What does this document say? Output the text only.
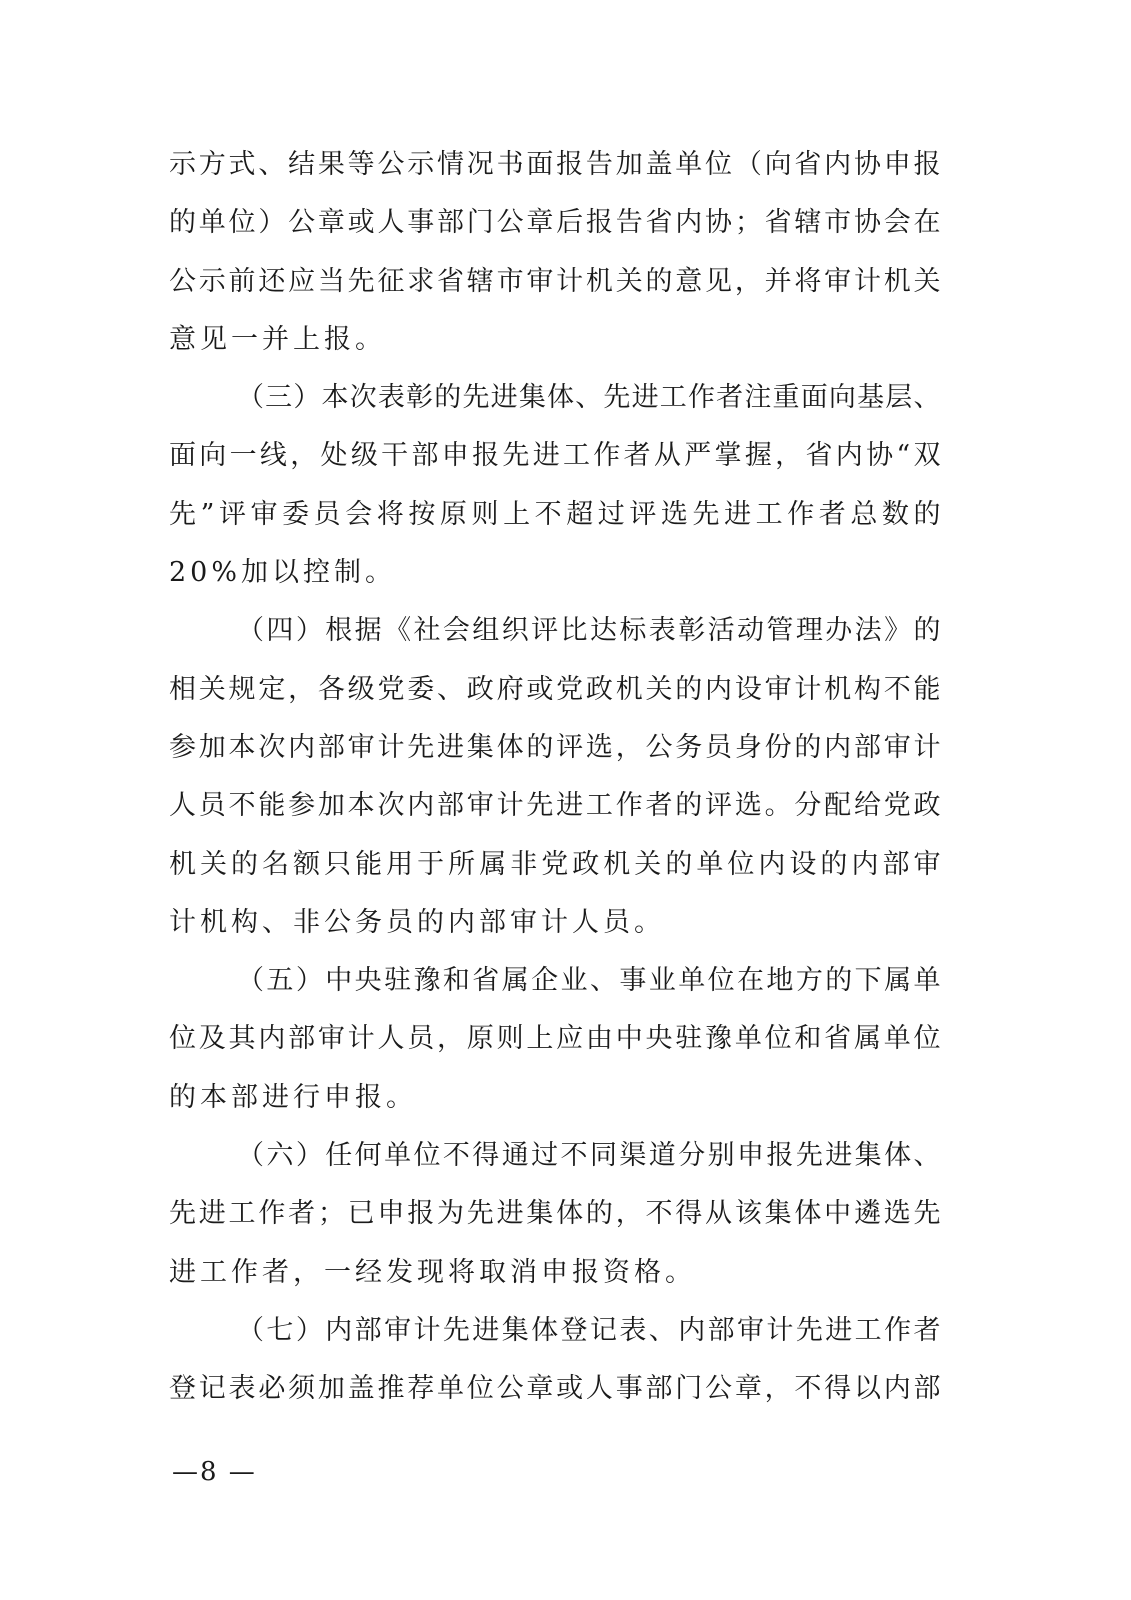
示方式、结果等公示情况书面报告加盖单位（向省内协申报
的单位）公章或人事部门公章后报告省内协；省辖市协会在
公示前还应当先征求省辖市审计机关的意见，并将审计机关
意见一并上报。
（三）本次表彰的先进集体、先进工作者注重面向基层、
面向一线，处级干部申报先进工作者从严掌握，省内协“双
先”评审委员会将按原则上不超过评选先进工作者总数的
20%加以控制。
（四）根据《社会组织评比达标表彰活动管理办法》的
相关规定，各级党委、政府或党政机关的内设审计机构不能
参加本次内部审计先进集体的评选，公务员身份的内部审计
人员不能参加本次内部审计先进工作者的评选。分配给党政
机关的名额只能用于所属非党政机关的单位内设的内部审
计机构、非公务员的内部审计人员。
（五）中央驻豫和省属企业、事业单位在地方的下属单
位及其内部审计人员，原则上应由中央驻豫单位和省属单位
的本部进行申报。
（六）任何单位不得通过不同渠道分别申报先进集体、
先进工作者；已申报为先进集体的，不得从该集体中遴选先
进工作者，一经发现将取消申报资格。
（七）内部审计先进集体登记表、内部审计先进工作者
登记表必须加盖推荐单位公章或人事部门公章，不得以内部
—8 —
